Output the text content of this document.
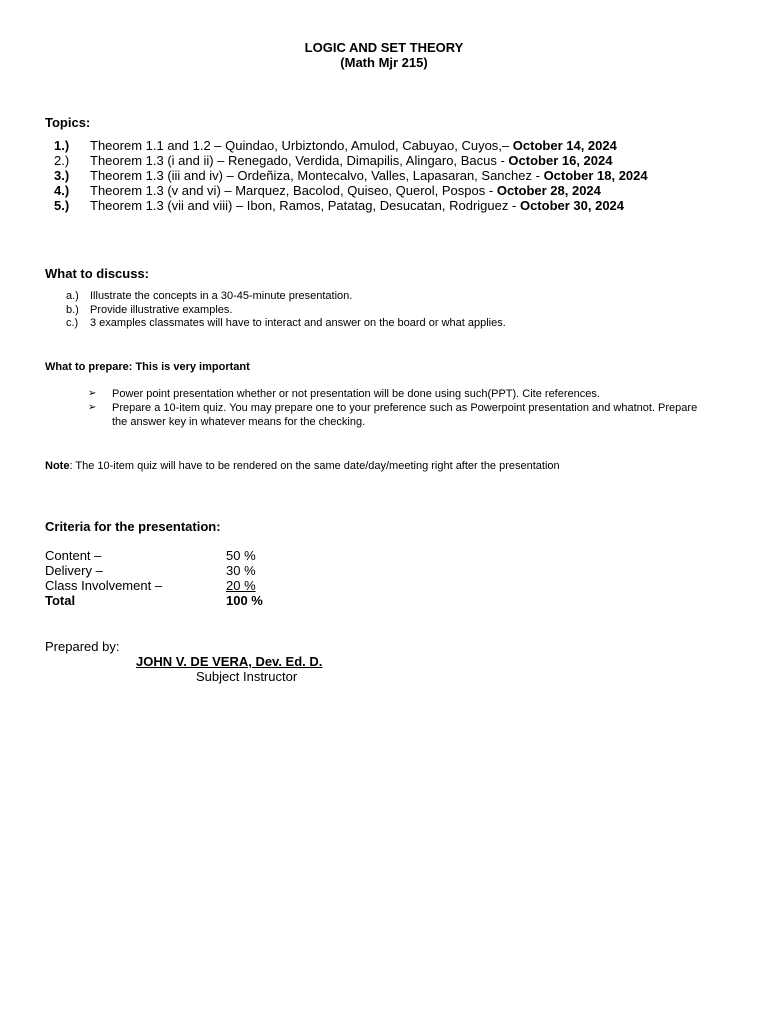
LOGIC AND SET THEORY
(Math Mjr 215)
Topics:
1.)	Theorem 1.1 and 1.2 – Quindao, Urbiztondo, Amulod, Cabuyao, Cuyos,–
October 14, 2024
2.)	Theorem 1.3 (i and ii) – Renegado, Verdida, Dimapilis, Alingaro, Bacus -
October 16, 2024
3.)	Theorem 1.3 (iii and iv) – Ordeñiza, Montecalvo, Valles, Lapasaran, Sanchez -
October 18, 2024
4.)	Theorem 1.3 (v and vi) – Marquez, Bacolod, Quiseo, Querol, Pospos -
October 28, 2024
5.)	Theorem 1.3 (vii and viii) – Ibon, Ramos, Patatag, Desucatan, Rodriguez -
October 30, 2024
What to discuss:
a.)	Illustrate the concepts in a 30-45-minute presentation.
b.)	Provide illustrative examples.
c.)	3 examples classmates will have to interact and answer on the board or what applies.
What to prepare: This is very important
➢	Power point presentation whether or not presentation will be done using such(PPT). Cite references.
➢	Prepare a 10-item quiz. You may prepare one to your preference such as Powerpoint presentation and whatnot. Prepare the answer key in whatever means for the checking.
Note: The 10-item quiz will have to be rendered on the same date/day/meeting right after the presentation
Criteria for the presentation:
Content –	50 %
Delivery –	30 %
Class Involvement –	20 %
Total	100 %
Prepared by:
JOHN V. DE VERA, Dev. Ed. D.
Subject Instructor
